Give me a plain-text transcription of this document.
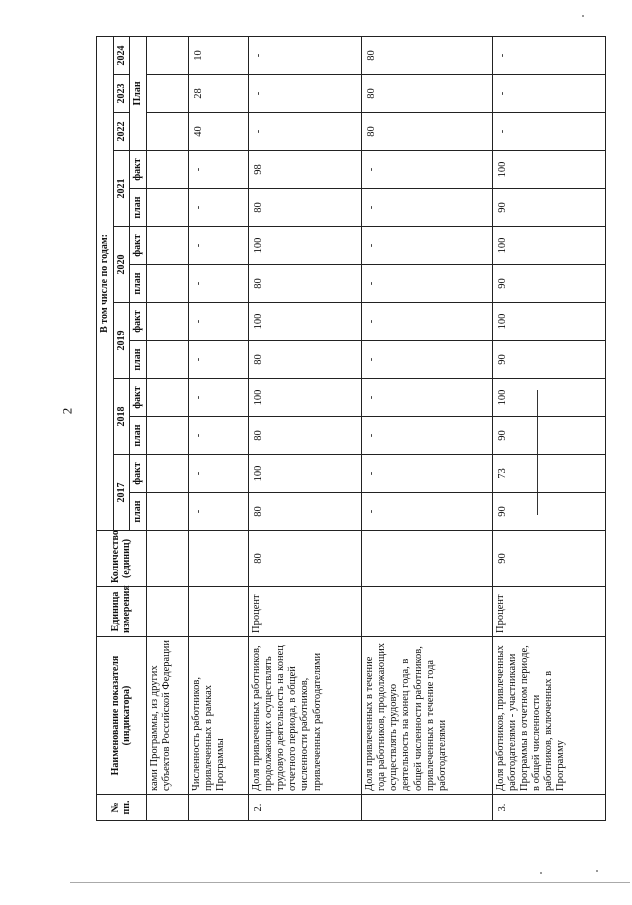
2
№ пп.	Наименование показателя (индикатора)	Единица измерения	Количество (единиц)	В том числе по годам:												
				2017		2018		2019		2020		2021		2022	2023	2024
				план	факт	план	факт	план	факт	план	факт	план	факт	План		
	ками Программы, из других субъектов Российской Федерации															
	Численность работников, привлеченных в рамках Программы			-	-	-	-	-	-	-	-	-	-	40	28	10
2.	Доля привлеченных работников, продолжающих осуществлять трудовую деятельность на конец отчетного периода, в общей численности работников, привлеченных работодателями	Процент	80	80	100	80	100	80	100	80	100	80	98	-	-	-
	Доля привлеченных в течение года работников, продолжающих осуществлять трудовую деятельность на конец года, в общей численности работников, привлеченных в течение года работодателями			-	-	-	-	-	-	-	-	-	-	80	80	80
3.	Доля работников, привлеченных работодателями - участниками Программы в отчетном периоде, в общей численности работников, включенных в Программу	Процент	90	90	73	90	100	90	100	90	100	90	100	-	-	-
